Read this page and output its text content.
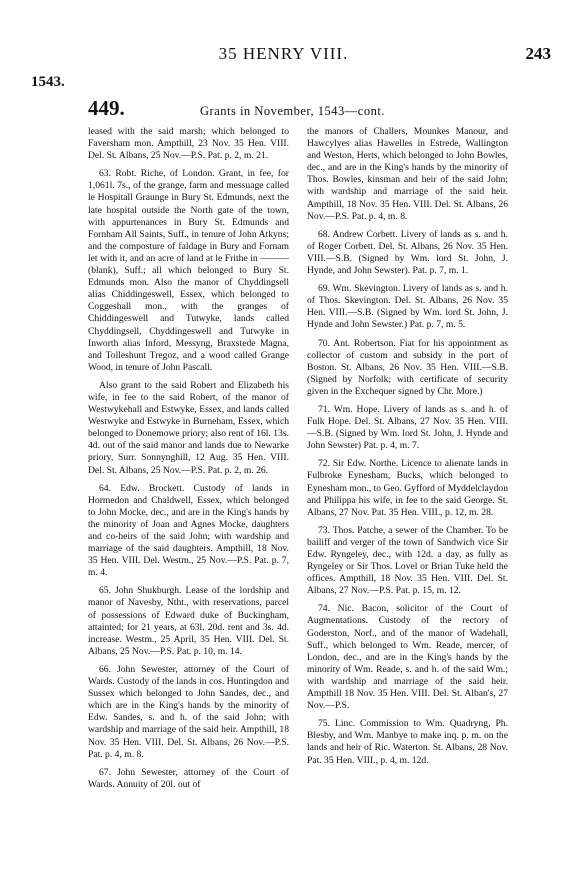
35 HENRY VIII.	243
1543.
449.	Grants in November, 1543—cont.

leased with the said marsh; which belonged to Faversham mon. Ampthill, 23 Nov. 35 Hen. VIII. Del. St. Albans, 25 Nov.—P.S. Pat. p. 2, m. 21.

63. Robt. Riche, of London. Grant, in fee, for 1,061l. 7s., of the grange, farm and messuage called le Hospitall Graunge in Bury St. Edmunds, next the late hospital outside the North gate of the town, with appurtenances in Bury St. Edmunds and Fornham All Saints, Suff., in tenure of John Atkyns; and the composture of faldage in Bury and Fornam let with it, and an acre of land at le Frithe in ——— (blank), Suff.; all which belonged to Bury St. Edmunds mon. Also the manor of Chyddingsell alias Chiddingeswell, Essex, which belonged to Coggeshall mon., with the granges of Chiddingeswell and Tutwyke, lands called Chyddingsell, Chyddingeswell and Tutwyke in Inworth alias Inford, Messyng, Braxstede Magna, and Tolleshunt Tregoz, and a wood called Grange Wood, in tenure of John Pascall.

Also grant to the said Robert and Elizabeth his wife, in fee to the said Robert, of the manor of Westwykehall and Estwyke, Essex, and lands called Westwyke and Estwyke in Burneham, Essex, which belonged to Donemowe priory; also rent of 16l. 13s. 4d. out of the said manor and lands due to Newarke priory, Surr. Sonnynghill, 12 Aug. 35 Hen. VIII. Del. St. Albans, 25 Nov.—P.S. Pat. p. 2, m. 26.

64. Edw. Brockett. Custody of lands in Hormedon and Chaldwell, Essex, which belonged to John Mocke, dec., and are in the King's hands by the minority of Joan and Agnes Mocke, daughters and co-heirs of the said John; with wardship and marriage of the said daughters. Ampthill, 18 Nov. 35 Hen. VIII. Del. Westm., 25 Nov.—P.S. Pat. p. 7, m. 4.

65. John Shukburgh. Lease of the lordship and manor of Navesby, Ntht., with reservations, parcel of possessions of Edward duke of Buckingham, attainted; for 21 years, at 63l. 20d. rent and 3s. 4d. increase. Westm., 25 April, 35 Hen. VIII. Del. St. Albans, 25 Nov.—P.S. Pat. p. 10, m. 14.

66. John Sewester, attorney of the Court of Wards. Custody of the lands in cos. Huntingdon and Sussex which belonged to John Sandes, dec., and which are in the King's hands by the minority of Edw. Sandes, s. and h. of the said John; with wardship and marriage of the said heir. Ampthill, 18 Nov. 35 Hen. VIII. Del. St. Albans, 26 Nov.—P.S. Pat. p. 4, m. 8.

67. John Sewester, attorney of the Court of Wards. Annuity of 20l. out of

the manors of Challers, Mounkes Manour, and Hawcylyes alias Hawelles in Estrede, Wallington and Weston, Herts, which belonged to John Bowles, dec., and are in the King's hands by the minority of Thos. Bowles, kinsman and heir of the said John; with wardship and marriage of the said heir. Ampthill, 18 Nov. 35 Hen. VIII. Del. St. Albans, 26 Nov.—P.S. Pat. p. 4, m. 8.

68. Andrew Corbett. Livery of lands as s. and h. of Roger Corbett. Del. St. Albans, 26 Nov. 35 Hen. VIII.—S.B. (Signed by Wm. lord St. John, J. Hynde, and John Sewster). Pat. p. 7, m. 1.

69. Wm. Skevington. Livery of lands as s. and h. of Thos. Skevington. Del. St. Albans, 26 Nov. 35 Hen. VIII.—S.B. (Signed by Wm. lord St. John, J. Hynde and John Sewster.) Pat. p. 7, m. 5.

70. Ant. Robertson. Fiat for his appointment as collector of custom and subsidy in the port of Boston. St. Albans, 26 Nov. 35 Hen. VIII.—S.B. (Signed by Norfolk; with certificate of security given in the Exchequer signed by Chr. More.)

71. Wm. Hope. Livery of lands as s. and h. of Fulk Hope. Del. St. Albans, 27 Nov. 35 Hen. VIII.—S.B. (Signed by Wm. lord St. John, J. Hynde and John Sewster) Pat. p. 4, m. 7.

72. Sir Edw. Northe. Licence to alienate lands in Fulbroke Eynesham, Bucks, which belonged to Eynesham mon., to Geo. Gyfford of Myddelclaydon and Philippa his wife, in fee to the said George. St. Albans, 27 Nov. Pat. 35 Hen. VIII., p. 12, m. 28.

73. Thos. Patche, a sewer of the Chamber. To be bailiff and verger of the town of Sandwich vice Sir Edw. Ryngeley, dec., with 12d. a day, as fully as Ryngeley or Sir Thos. Lovel or Brian Tuke held the offices. Ampthill, 18 Nov. 35 Hen. VIII. Del. St. Albans, 27 Nov.—P.S. Pat. p. 15, m. 12.

74. Nic. Bacon, solicitor of the Court of Augmentations. Custody of the rectory of Goderston, Norf., and of the manor of Wadehall, Suff., which belonged to Wm. Reade, mercer, of London, dec., and are in the King's hands by the minority of Wm. Reade, s. and h. of the said Wm.; with wardship and marriage of the said heir. Ampthill 18 Nov. 35 Hen. VIII. Del. St. Alban's, 27 Nov.—P.S.

75. Linc. Commission to Wm. Quadryng, Ph. Blesby, and Wm. Manbye to make inq. p. m. on the lands and heir of Ric. Waterton. St. Albans, 28 Nov. Pat. 35 Hen. VIII., p. 4, m. 12d.
